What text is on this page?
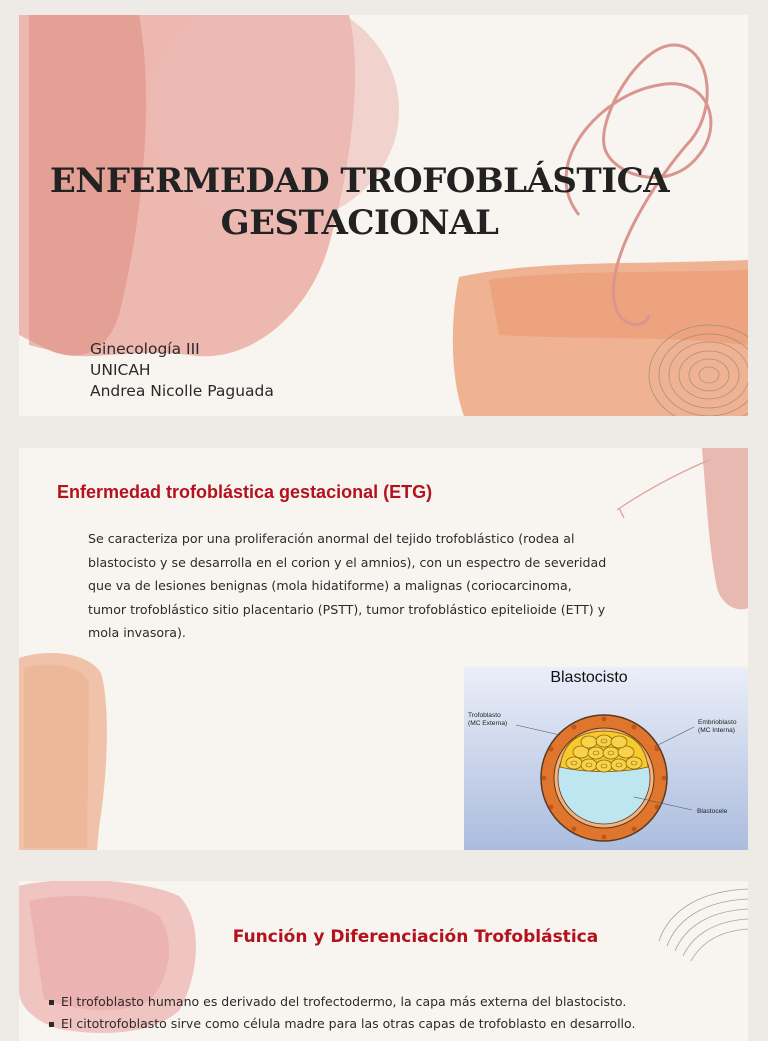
ENFERMEDAD TROFOBLÁSTICA
GESTACIONAL
Ginecología III
UNICAH
Andrea Nicolle Paguada
Enfermedad trofoblástica gestacional (ETG)
Se caracteriza por una proliferación anormal del tejido trofoblástico (rodea al
blastocisto y se desarrolla en el corion y el amnios), con un espectro de severidad
que va de lesiones benignas (mola hidatiforme) a malignas (coriocarcinoma,
tumor trofoblástico sitio placentario (PSTT), tumor trofoblástico epitelioide (ETT) y
mola invasora).
Blastocisto
Trofoblasto
(MC Externa)	Embrioblasto
(MC Interna)
Blastocele
Función y Diferenciación Trofoblástica
El trofoblasto humano es derivado del trofectodermo, la capa más externa del blastocisto.
El citotrofoblasto sirve como célula madre para las otras capas de trofoblasto en desarrollo.
